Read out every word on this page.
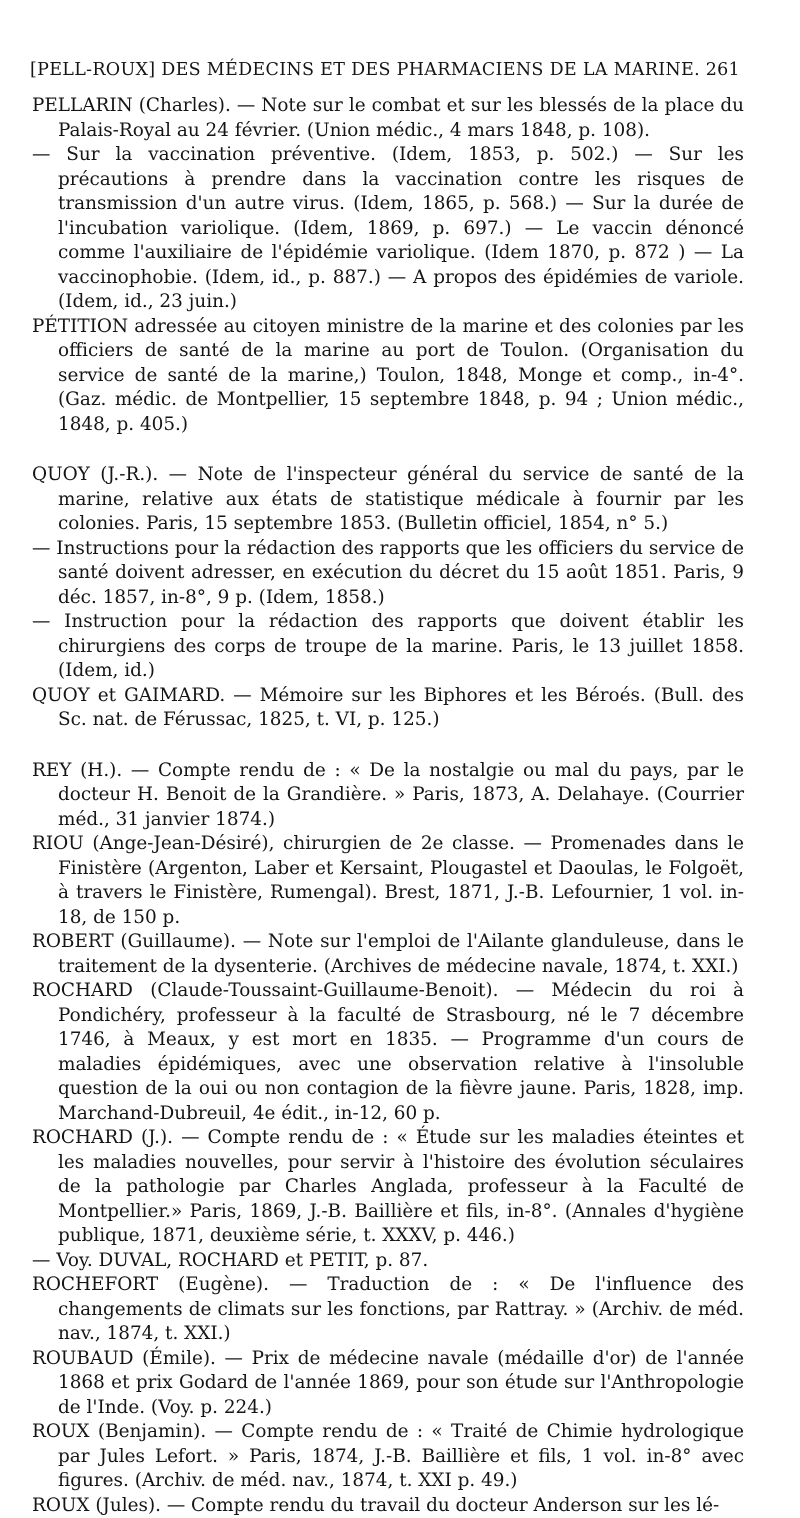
[PELL-ROUX] DES MÉDECINS ET DES PHARMACIENS DE LA MARINE. 261

PELLARIN (Charles). — Note sur le combat et sur les blessés de la place du Palais-Royal au 24 février. (Union médic., 4 mars 1848, p. 108).

— Sur la vaccination préventive. (Idem, 1853, p. 502.) — Sur les précautions à prendre dans la vaccination contre les risques de transmission d'un autre virus. (Idem, 1865, p. 568.) — Sur la durée de l'incubation variolique. (Idem, 1869, p. 697.) — Le vaccin dénoncé comme l'auxiliaire de l'épidémie variolique. (Idem 1870, p. 872 ) — La vaccinophobie. (Idem, id., p. 887.) — A propos des épidémies de variole. (Idem, id., 23 juin.)

PÉTITION adressée au citoyen ministre de la marine et des colonies par les officiers de santé de la marine au port de Toulon. (Organisation du service de santé de la marine,) Toulon, 1848, Monge et comp., in-4°. (Gaz. médic. de Montpellier, 15 septembre 1848, p. 94 ; Union médic., 1848, p. 405.)

QUOY (J.-R.). — Note de l'inspecteur général du service de santé de la marine, relative aux états de statistique médicale à fournir par les colonies. Paris, 15 septembre 1853. (Bulletin officiel, 1854, n° 5.)

— Instructions pour la rédaction des rapports que les officiers du service de santé doivent adresser, en exécution du décret du 15 août 1851. Paris, 9 déc. 1857, in-8°, 9 p. (Idem, 1858.)

— Instruction pour la rédaction des rapports que doivent établir les chirurgiens des corps de troupe de la marine. Paris, le 13 juillet 1858. (Idem, id.)

QUOY et GAIMARD. — Mémoire sur les Biphores et les Béroés. (Bull. des Sc. nat. de Férussac, 1825, t. VI, p. 125.)

REY (H.). — Compte rendu de : « De la nostalgie ou mal du pays, par le docteur H. Benoit de la Grandière. » Paris, 1873, A. Delahaye. (Courrier méd., 31 janvier 1874.)

RIOU (Ange-Jean-Désiré), chirurgien de 2e classe. — Promenades dans le Finistère (Argenton, Laber et Kersaint, Plougastel et Daoulas, le Folgoët, à travers le Finistère, Rumengal). Brest, 1871, J.-B. Lefournier, 1 vol. in-18, de 150 p.

ROBERT (Guillaume). — Note sur l'emploi de l'Ailante glanduleuse, dans le traitement de la dysenterie. (Archives de médecine navale, 1874, t. XXI.)

ROCHARD (Claude-Toussaint-Guillaume-Benoit). — Médecin du roi à Pondichéry, professeur à la faculté de Strasbourg, né le 7 décembre 1746, à Meaux, y est mort en 1835. — Programme d'un cours de maladies épidémiques, avec une observation relative à l'insoluble question de la oui ou non contagion de la fièvre jaune. Paris, 1828, imp. Marchand-Dubreuil, 4e édit., in-12, 60 p.

ROCHARD (J.). — Compte rendu de : « Étude sur les maladies éteintes et les maladies nouvelles, pour servir à l'histoire des évolution séculaires de la pathologie par Charles Anglada, professeur à la Faculté de Montpellier.» Paris, 1869, J.-B. Baillière et fils, in-8°. (Annales d'hygiène publique, 1871, deuxième série, t. XXXV, p. 446.)

— Voy. DUVAL, ROCHARD et PETIT, p. 87.

ROCHEFORT (Eugène). — Traduction de : « De l'influence des changements de climats sur les fonctions, par Rattray. » (Archiv. de méd. nav., 1874, t. XXI.)

ROUBAUD (Émile). — Prix de médecine navale (médaille d'or) de l'année 1868 et prix Godard de l'année 1869, pour son étude sur l'Anthropologie de l'Inde. (Voy. p. 224.)

ROUX (Benjamin). — Compte rendu de : « Traité de Chimie hydrologique par Jules Lefort. » Paris, 1874, J.-B. Baillière et fils, 1 vol. in-8° avec figures. (Archiv. de méd. nav., 1874, t. XXI p. 49.)

ROUX (Jules). — Compte rendu du travail du docteur Anderson sur les lé-
